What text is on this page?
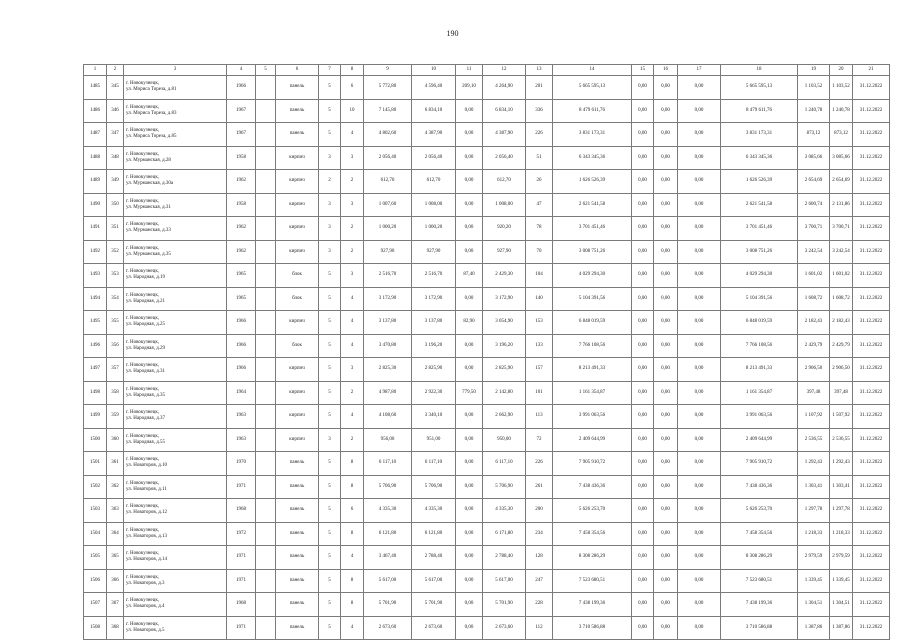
190
1	2	3	4	5	6	7	8	9	10	11	12	13	14	15	16	17	18	19	20	21
1485	345	г. Новокузнецк,
ул. Мориса Тореза, д.81	1966		панель	5	6	5 772,80	4 596,40	209,10	4 264,90	201	5 665 595,13	0,00	0,00	0,00	5 665 595,13	1 103,52	1 103,52	31.12.2022
1486	346	г. Новокузнецк,
ул. Мориса Тореза, д.83	1967		панель	5	10	7 145,80	6 834,10	0,00	6 834,10	336	8 479 611,76	0,00	0,00	0,00	8 479 611,76	1 240,78	1 240,78	31.12.2022
1487	347	г. Новокузнецк,
ул. Мориса Тореза, д.85	1967		панель	5	4	4 802,60	4 387,90	0,00	4 387,90	226	3 831 173,31	0,00	0,00	0,00	3 831 173,31	873,12	873,12	31.12.2022
1488	348	г. Новокузнецк,
ул. Мурманская, д.28	1958		кирпич	3	3	2 056,40	2 056,40	0,00	2 056,40	51	6 343 345,36	0,00	0,00	0,00	6 343 345,36	3 085,66	3 085,66	31.12.2022
1489	349	г. Новокузнецк,
ул. Мурманская, д.30а	1962		кирпич	2	2	612,70	612,70	0,00	612,70	26	1 626 526,39	0,00	0,00	0,00	1 626 526,39	2 654,69	2 654,69	31.12.2022
1490	350	г. Новокузнецк,
ул. Мурманская, д.31	1958		кирпич	3	3	1 007,60	1 008,00	0,00	1 008,00	47	2 621 541,58	0,00	0,00	0,00	2 621 541,58	2 600,74	2 131,86	31.12.2022
1491	351	г. Новокузнецк,
ул. Мурманская, д.33	1962		кирпич	3	2	1 000,20	1 000,20	0,00	920,20	78	3 701 451,46	0,00	0,00	0,00	3 701 451,46	3 700,71	3 700,71	31.12.2022
1492	352	г. Новокузнецк,
ул. Мурманская, д.35	1962		кирпич	3	2	927,90	927,90	0,00	927,90	70	3 008 751,26	0,00	0,00	0,00	3 008 751,26	3 242,54	3 242,54	31.12.2022
1493	353	г. Новокузнецк,
ул. Народная, д.19	1965		блок	5	3	2 516,70	2 516,70	87,40	2 429,30	104	4 029 294,30	0,00	0,00	0,00	4 029 294,30	1 601,02	1 601,02	31.12.2022
1494	354	г. Новокузнецк,
ул. Народная, д.21	1965		блок	5	4	3 172,90	3 172,90	0,00	3 172,90	140	5 104 391,56	0,00	0,00	0,00	5 104 391,56	1 608,72	1 608,72	31.12.2022
1495	355	г. Новокузнецк,
ул. Народная, д.25	1966		кирпич	5	4	3 137,80	3 137,80	82,90	3 054,90	153	6 848 019,59	0,00	0,00	0,00	6 848 019,59	2 182,43	2 182,43	31.12.2022
1496	356	г. Новокузнецк,
ул. Народная, д.29	1966		блок	5	4	3 470,80	3 196,20	0,00	3 196,20	133	7 766 108,56	0,00	0,00	0,00	7 766 108,56	2 429,79	2 429,79	31.12.2022
1497	357	г. Новокузнецк,
ул. Народная, д.31	1966		кирпич	5	3	2 825,30	2 825,90	0,00	2 825,90	157	8 213 491,33	0,00	0,00	0,00	8 213 491,33	2 906,50	2 906,50	31.12.2022
1498	358	г. Новокузнецк,
ул. Народная, д.35	1964		кирпич	5	2	4 987,80	2 922,30	779,50	2 142,80	101	1 161 354,87	0,00	0,00	0,00	1 161 354,87	397,48	397,48	31.12.2022
1499	359	г. Новокузнецк,
ул. Народная, д.37	1963		кирпич	5	4	4 108,60	3 340,10	0,00	2 662,90	113	3 991 063,56	0,00	0,00	0,00	3 991 063,56	1 107,92	1 507,92	31.12.2022
1500	360	г. Новокузнецк,
ул. Народная, д.55	1963		кирпич	3	2	956,00	951,00	0,00	950,00	72	2 409 644,99	0,00	0,00	0,00	2 409 644,99	2 536,55	2 536,55	31.12.2022
1501	361	г. Новокузнецк,
ул. Новаторов, д.10	1970		панель	5	8	6 117,10	6 117,10	0,00	6 117,10	226	7 905 910,72	0,00	0,00	0,00	7 905 910,72	1 292,43	1 292,43	31.12.2022
1502	362	г. Новокузнецк,
ул. Новаторов, д.11	1971		панель	5	8	5 706,90	5 706,90	0,00	5 706,90	261	7 438 436,36	0,00	0,00	0,00	7 438 436,36	1 303,41	1 303,41	31.12.2022
1503	363	г. Новокузнецк,
ул. Новаторов, д.12	1968		панель	5	6	4 335,30	4 335,30	0,00	4 335,30	200	5 626 253,70	0,00	0,00	0,00	5 626 253,70	1 297,78	1 297,78	31.12.2022
1504	364	г. Новокузнецк,
ул. Новаторов, д.13	1972		панель	5	8	6 121,80	6 121,80	0,00	6 171,80	234	7 458 354,56	0,00	0,00	0,00	7 458 354,56	1 218,33	1 218,33	31.12.2022
1505	365	г. Новокузнецк,
ул. Новаторов, д.14	1971		панель	5	4	3 467,40	2 788,40	0,00	2 788,40	128	8 308 286,29	0,00	0,00	0,00	8 308 286,29	2 979,59	2 979,59	31.12.2022
1506	366	г. Новокузнецк,
ул. Новаторов, д.3	1971		панель	5	8	5 617,00	5 617,00	0,00	5 617,00	247	7 523 680,51	0,00	0,00	0,00	7 523 680,51	1 339,45	1 339,45	31.12.2022
1507	367	г. Новокузнецк,
ул. Новаторов, д.4	1968		панель	5	8	5 701,90	5 701,90	0,00	5 701,90	228	7 438 199,36	0,00	0,00	0,00	7 438 199,36	1 304,51	1 304,51	31.12.2022
1508	368	г. Новокузнецк,
ул. Новаторов, д.5	1971		панель	5	4	2 673,60	2 673,60	0,00	2 673,60	112	3 710 586,88	0,00	0,00	0,00	3 710 586,88	1 387,86	1 387,86	31.12.2022
